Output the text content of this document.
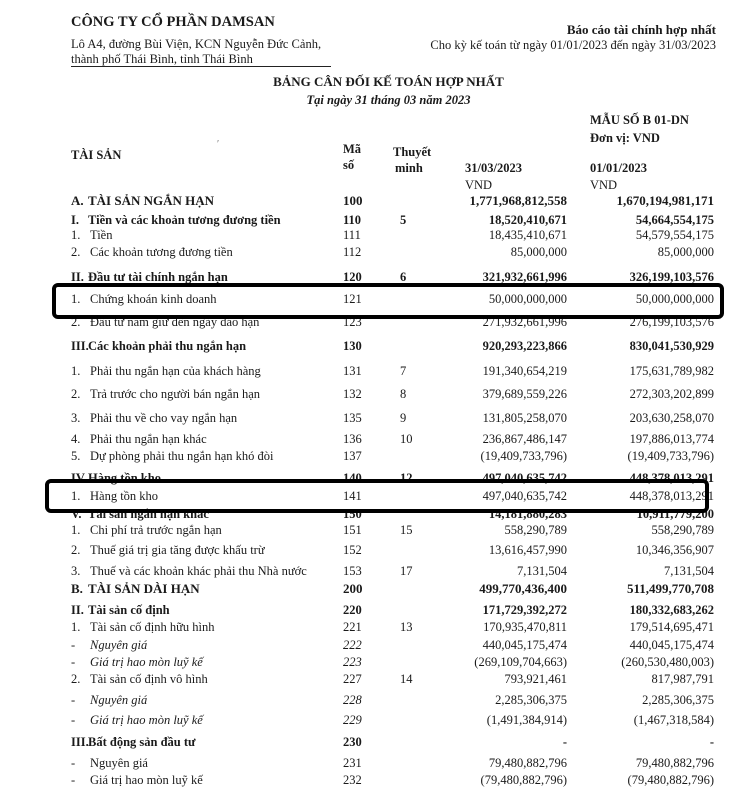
CÔNG TY CỔ PHẦN DAMSAN
Lô A4, đường Bùi Viện, KCN Nguyễn Đức Cảnh,
thành phố Thái Bình, tỉnh Thái Bình
Báo cáo tài chính hợp nhất
Cho kỳ kế toán từ ngày 01/01/2023 đến ngày 31/03/2023
BẢNG CÂN ĐỐI KẾ TOÁN HỢP NHẤT
Tại ngày 31 tháng 03 năm 2023
MẪU SỐ B 01-DN
Đơn vị: VND
TÀI SẢN	Mã
số
Thuyết
minh	31/03/2023
VND
01/01/2023
VND
A. TÀI SẢN NGẮN HẠN	100	1,771,968,812,558	1,670,194,981,171
I. Tiền và các khoản tương đương tiền	110	5	18,520,410,671	54,664,554,175
1. Tiền	111	18,435,410,671	54,579,554,175
2. Các khoản tương đương tiền	112	85,000,000	85,000,000
II. Đầu tư tài chính ngắn hạn	120	6	321,932,661,996	326,199,103,576
1. Chứng khoán kinh doanh	121	50,000,000,000	50,000,000,000
2. Đầu tư nắm giữ đến ngày đáo hạn	123	271,932,661,996	276,199,103,576
III. Các khoản phải thu ngắn hạn	130	920,293,223,866	830,041,530,929
1. Phải thu ngắn hạn của khách hàng	131	7	191,340,654,219	175,631,789,982
2. Trả trước cho người bán ngắn hạn	132	8	379,689,559,226	272,303,202,899
3. Phải thu về cho vay ngắn hạn	135	9	131,805,258,070	203,630,258,070
4. Phải thu ngắn hạn khác	136	10	236,867,486,147	197,886,013,774
5. Dự phòng phải thu ngắn hạn khó đòi	137	(19,409,733,796)	(19,409,733,796)
IV. Hàng tồn kho	140	12	497,040,635,742	448,378,013,291
1. Hàng tồn kho	141	497,040,635,742	448,378,013,291
V. Tài sản ngắn hạn khác	150	14,181,880,283	10,911,779,200
1. Chi phí trả trước ngắn hạn	151	15	558,290,789	558,290,789
2. Thuế giá trị gia tăng được khấu trừ	152	13,616,457,990	10,346,356,907
3. Thuế và các khoản khác phải thu Nhà nước	153	17	7,131,504	7,131,504
B. TÀI SẢN DÀI HẠN	200	499,770,436,400	511,499,770,708
II. Tài sản cố định	220	171,729,392,272	180,332,683,262
1. Tài sản cố định hữu hình	221	13	170,935,470,811	179,514,695,471
- Nguyên giá	222	440,045,175,474	440,045,175,474
- Giá trị hao mòn luỹ kế	223	(269,109,704,663)	(260,530,480,003)
2. Tài sản cố định vô hình	227	14	793,921,461	817,987,791
- Nguyên giá	228	2,285,306,375	2,285,306,375
- Giá trị hao mòn luỹ kế	229	(1,491,384,914)	(1,467,318,584)
III. Bất động sản đầu tư	230	-	-
- Nguyên giá	231	79,480,882,796	79,480,882,796
- Giá trị hao mòn luỹ kế	232	(79,480,882,796)	(79,480,882,796)
′
